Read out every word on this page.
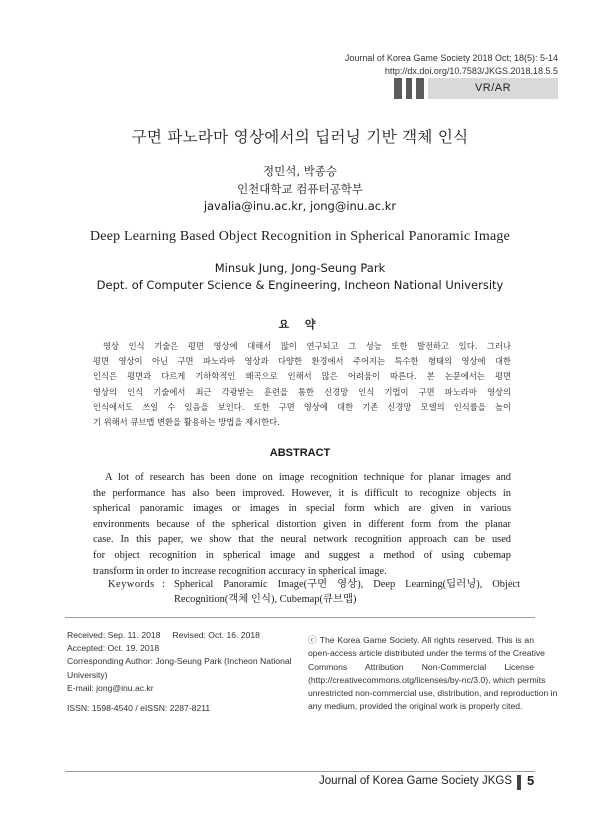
Journal of Korea Game Society 2018 Oct; 18(5): 5-14
http://dx.doi.org/10.7583/JKGS.2018.18.5.5
VR/AR
구면 파노라마 영상에서의 딥러닝 기반 객체 인식
정민석, 박종승
인천대학교 컴퓨터공학부
javalia@inu.ac.kr, jong@inu.ac.kr
Deep Learning Based Object Recognition in Spherical Panoramic Image
Minsuk Jung, Jong-Seung Park
Dept. of Computer Science & Engineering, Incheon National University
요 약
영상 인식 기술은 평면 영상에 대해서 많이 연구되고 그 성능 또한 발전하고 있다. 그러나
평면 영상이 아닌 구면 파노라마 영상과 다양한 환경에서 주어지는 특수한 형태의 영상에 대한
인식은 평면과 다르게 기하학적인 왜곡으로 인해서 많은 어려움이 따른다. 본 논문에서는 평면
영상의 인식 기술에서 최근 각광받는 훈련을 통한 신경망 인식 기법이 구면 파노라마 영상의
인식에서도 쓰일 수 있음을 보인다. 또한 구면 영상에 대한 기존 신경망 모델의 인식률을 높이
기 위해서 큐브맵 변환을 활용하는 방법을 제시한다.
ABSTRACT
A lot of research has been done on image recognition technique for planar images and
the performance has also been improved. However, it is difficult to recognize objects in
spherical panoramic images or images in special form which are given in various
environments because of the spherical distortion given in different form from the planar
case. In this paper, we show that the neural network recognition approach can be used
for object recognition in spherical image and suggest a method of using cubemap
transform in order to increase recognition accuracy in spherical image.
Keywords : Spherical Panoramic Image(구면 영상), Deep Learning(딥러닝), Object
Recognition(객체 인식), Cubemap(큐브맵)
Received: Sep. 11. 2018 Revised: Oct. 16. 2018
Accepted: Oct. 19. 2018
Corresponding Author: Jong-Seung Park (Incheon National
University)
E-mail: jong@inu.ac.kr
ISSN: 1598-4540 / eISSN: 2287-8211
ⓒ The Korea Game Society. All rights reserved. This is an
open-access article distributed under the terms of the Creative
Commons Attribution Non-Commercial License
(http://creativecommons.otg/licenses/by-nc/3.0), which permits
unrestricted non-commercial use, distribution, and reproduction in
any medium, provided the original work is properly cited.
Journal of Korea Game Society JKGS 5
